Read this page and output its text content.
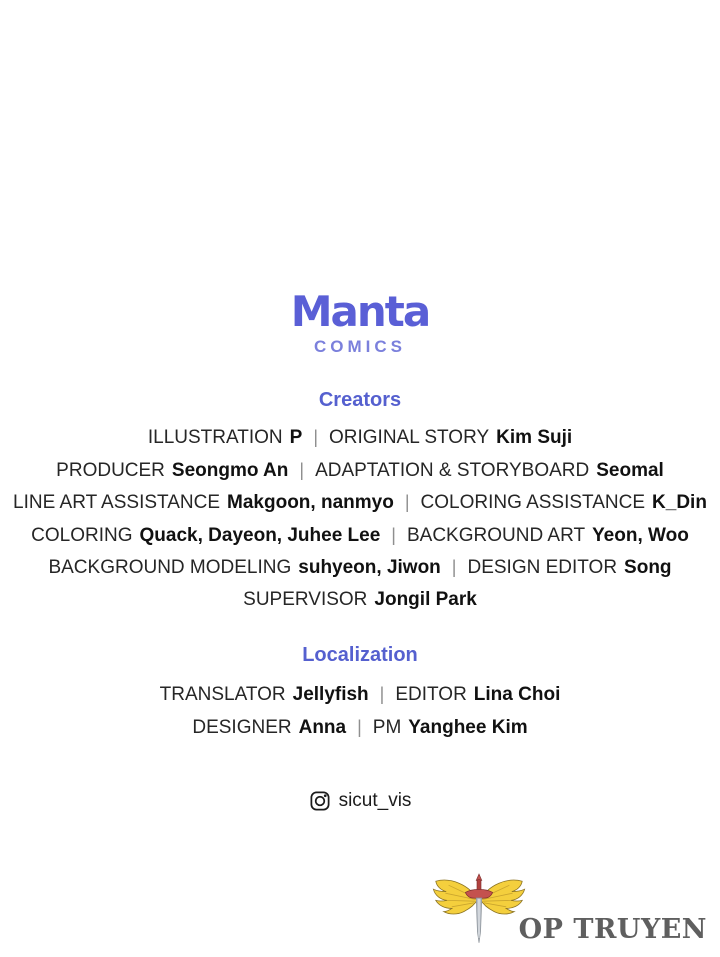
Manta
COMICS
Creators
ILLUSTRATION P | ORIGINAL STORY Kim Suji
PRODUCER Seongmo An | ADAPTATION & STORYBOARD Seomal
LINE ART ASSISTANCE Makgoon, nanmyo | COLORING ASSISTANCE K_Din
COLORING Quack, Dayeon, Juhee Lee | BACKGROUND ART Yeon, Woo
BACKGROUND MODELING suhyeon, Jiwon | DESIGN EDITOR Song
SUPERVISOR Jongil Park
Localization
TRANSLATOR Jellyfish | EDITOR Lina Choi
DESIGNER Anna | PM Yanghee Kim
sicut_vis
OP TRUYEN
